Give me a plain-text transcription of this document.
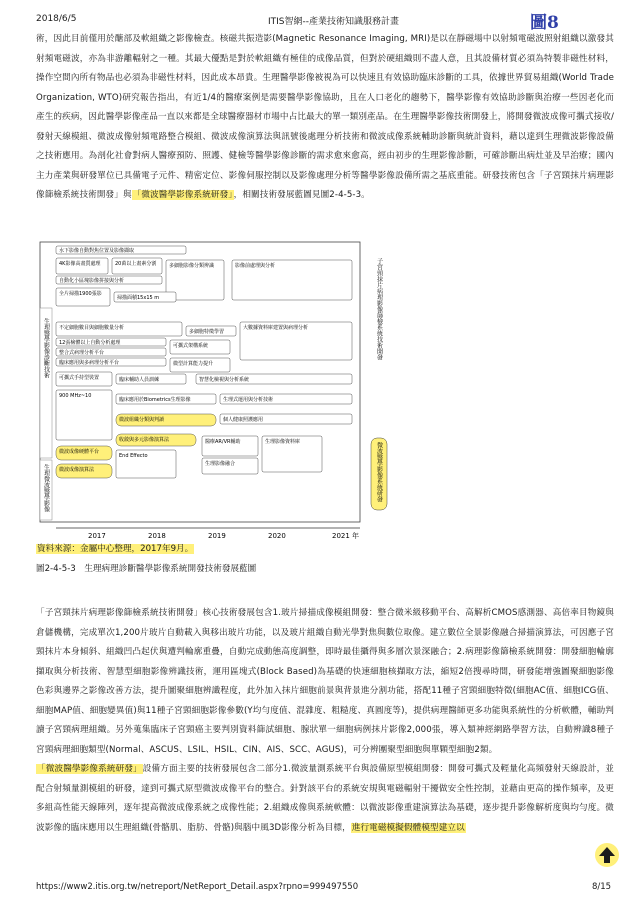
2018/6/5	ITIS智網--產業技術知識服務計畫	圖8
術，因此目前僅用於醣部及軟組織之影像檢查。核磁共振造影(Magnetic Resonance Imaging, MRI)是以在靜磁場中以射頻電磁波照射組織以激發其射頻電磁波，亦為非游離輻射之一種。其最大優點是對於軟組織有極佳的成像品質，但對於硬組織則不盡人意，且其設備材質必須為特製非磁性材料，操作空間內所有物品也必須為非磁性材料，因此成本昂貴。生理醫學影像被視為可以快速且有效協助臨床診斷的工具，依據世界貿易組織(World Trade Organization, WTO)研究報告指出，有近1/4的醫療案例是需要醫學影像協助，且在人口老化的趨勢下，醫學影像有效協助診斷與治療一些因老化而產生的疾病，因此醫學影像產品一直以來都是全球醫療器材市場中占比最大的單一類別產品。在生理醫學影像技術開發上，將開發微波成像可攜式接收/發射天線模組、微波成像射頻電路整合模組、微波成像演算法與訊號後處理分析技術和微波成像系統輔助診斷與統計資料，藉以達到生理微波影像設備之技術應用。為剖化社會對病人醫療預防、照護、健檢等醫學影像診斷的需求愈來愈高，經由初步的生理影像診斷，可確診斷出病灶並及早治療；國內主力產業與研發單位已具備電子元件、精密定位、影像伺服控制以及影像處理分析等醫學影像設備所需之基底重能。研發技術包含「子宮頸抹片病理影像篩檢系統技術開發」與「微波醫學影像系統研發」，相關技術發展藍圖見圖2-4-5-3。
生理醫學影像診斷技術
生理微波醫學影像
子宮頸抹片病理影像篩檢系統技術開發
微波醫學影像系統研發
水下影像自動對焦位置及影像擷取
4K影像高畫質處理	20萬以上畫素分割
自動化小區塊影像拼接與分析
多細胞影像分類辨識	影像前處理與分析
全片掃描1900張影
掃描面積15x15 m
不定細胞數目與細胞數量分析
多細胞特徵學習
大數據資料庫建置與病理分析
12張檢體以上自動分析處理	可攜式架構系統
整合式病理分析平台
微型計算能力提升
臨床應用與多病理分析平台
可攜式手持型裝置	臨床輔助人員訓練	智慧化檢視與分析系統
900 MHz~10
臨床應用於Biometrics生理影像	生理式運用與分析技術
微波組織分類與判讀	個人健康照護應用
收斂與多元影像演算法
微波成像硬體平台
醫療AR/VR輔助
微波成像演算法
生理影像資料庫
生理影像融合
End Effecto
2017	2018	2019	2020	2021 年
資料來源：金屬中心整理，2017年9月。
圖2-4-5-3　生理病理診斷醫學影像系統開發技術發展藍圖
「子宮頸抹片病理影像篩檢系統技術開發」核心技術發展包含1.玻片掃描成像模組開發：整合微米級移動平台、高解析CMOS感測器、高倍率目物鏡與倉儲機構，完成單次1,200片玻片自動載入與移出玻片功能，以及玻片組織自動光學對焦與數位取像。建立數位全景影像融合掃描演算法，可因應子宮頸抹片本身傾斜、組織凹凸起伏與遭判輪廓重疊，自動完成動態高度調整，即時最佳攝得與多層次景深融合；2.病理影像篩檢系統開發：開發細胞輪廓擷取與分析技術、智慧型細胞影像辨識技術，運用區塊式(Block Based)為基礎的快速細胞核擷取方法，縮短2倍搜尋時間，研發能增強圖聚細胞影像色彩與邊界之影像改善方法，提升圖聚細胞辨識程度，此外加入抹片細胞前景與背景進分割功能，搭配11種子宮頸細胞特徵(細胞AC值、細胞ICG值、細胞MAP值、細胞變異值)與11種子宮頸細胞影像參數(Y均勻度值、混雜度、粗糙度、真圓度等)，提供病理醫師更多功能與系統性的分析軟體，輔助判讀子宮頸病理組織。另外蒐集臨床子宮頸癌主要判別資料篩試細胞、腺狀單一細胞病例抹片影像2,000張，導入類神經網路學習方法，自動辨識8種子宮頸病理細胞類型(Normal、ASCUS、LSIL、HSIL、CIN、AIS、SCC、AGUS)，可分辨團聚型細胞與單顆型細胞2類。
「微波醫學影像系統研發」設備方面主要的技術發展包含二部分1.微波量測系統平台與設備原型模組開發：開發可攜式及輕量化高頻發射天線設計，並配合射頻量測模組的研發，達到可攜式原型微波成像平台的整合。針對該平台的系統安規與電磁輻射干擾做安全性控制，並藉由更高的操作頻率，及更多組高性能天線陣列，逐年提高微波成像系統之成像性能；2.組織成像與系統軟體：以微波影像重建演算法為基礎，逐步提升影像解析度與均勻度。微波影像的臨床應用以生理組織(骨骼肌、脂肪、骨骼)與腦中風3D影像分析為目標，進行電磁模擬假體模型建立以
https://www2.itis.org.tw/netreport/NetReport_Detail.aspx?rpno=999497550	8/15
